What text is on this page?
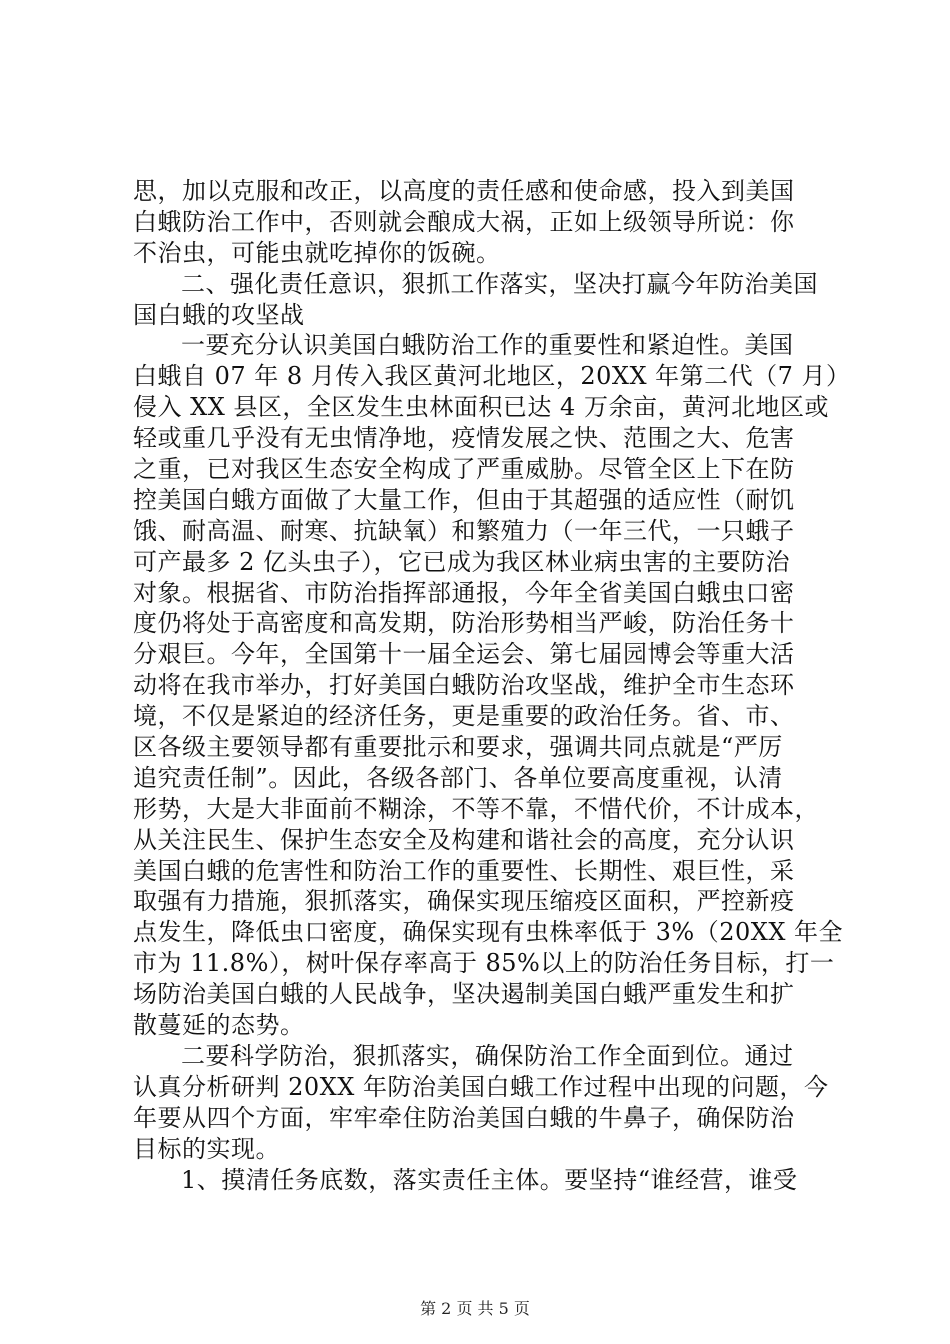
思，加以克服和改正，以高度的责任感和使命感，投入到美国
白蛾防治工作中，否则就会酿成大祸，正如上级领导所说：你
不治虫，可能虫就吃掉你的饭碗。
二、强化责任意识，狠抓工作落实，坚决打赢今年防治美国
国白蛾的攻坚战
一要充分认识美国白蛾防治工作的重要性和紧迫性。美国
白蛾自 07 年 8 月传入我区黄河北地区，20XX 年第二代（7 月）
侵入 XX 县区，全区发生虫林面积已达 4 万余亩，黄河北地区或
轻或重几乎没有无虫情净地，疫情发展之快、范围之大、危害
之重，已对我区生态安全构成了严重威胁。尽管全区上下在防
控美国白蛾方面做了大量工作，但由于其超强的适应性（耐饥
饿、耐高温、耐寒、抗缺氧）和繁殖力（一年三代，一只蛾子
可产最多 2 亿头虫子），它已成为我区林业病虫害的主要防治
对象。根据省、市防治指挥部通报，今年全省美国白蛾虫口密
度仍将处于高密度和高发期，防治形势相当严峻，防治任务十
分艰巨。今年，全国第十一届全运会、第七届园博会等重大活
动将在我市举办，打好美国白蛾防治攻坚战，维护全市生态环
境，不仅是紧迫的经济任务，更是重要的政治任务。省、市、
区各级主要领导都有重要批示和要求，强调共同点就是“严厉
追究责任制”。因此，各级各部门、各单位要高度重视，认清
形势，大是大非面前不糊涂，不等不靠，不惜代价，不计成本，
从关注民生、保护生态安全及构建和谐社会的高度，充分认识
美国白蛾的危害性和防治工作的重要性、长期性、艰巨性，采
取强有力措施，狠抓落实，确保实现压缩疫区面积，严控新疫
点发生，降低虫口密度，确保实现有虫株率低于 3%（20XX 年全
市为 11.8%），树叶保存率高于 85%以上的防治任务目标，打一
场防治美国白蛾的人民战争，坚决遏制美国白蛾严重发生和扩
散蔓延的态势。
二要科学防治，狠抓落实，确保防治工作全面到位。通过
认真分析研判 20XX 年防治美国白蛾工作过程中出现的问题，今
年要从四个方面，牢牢牵住防治美国白蛾的牛鼻子，确保防治
目标的实现。
1、摸清任务底数，落实责任主体。要坚持“谁经营，谁受
第 2 页 共 5 页
